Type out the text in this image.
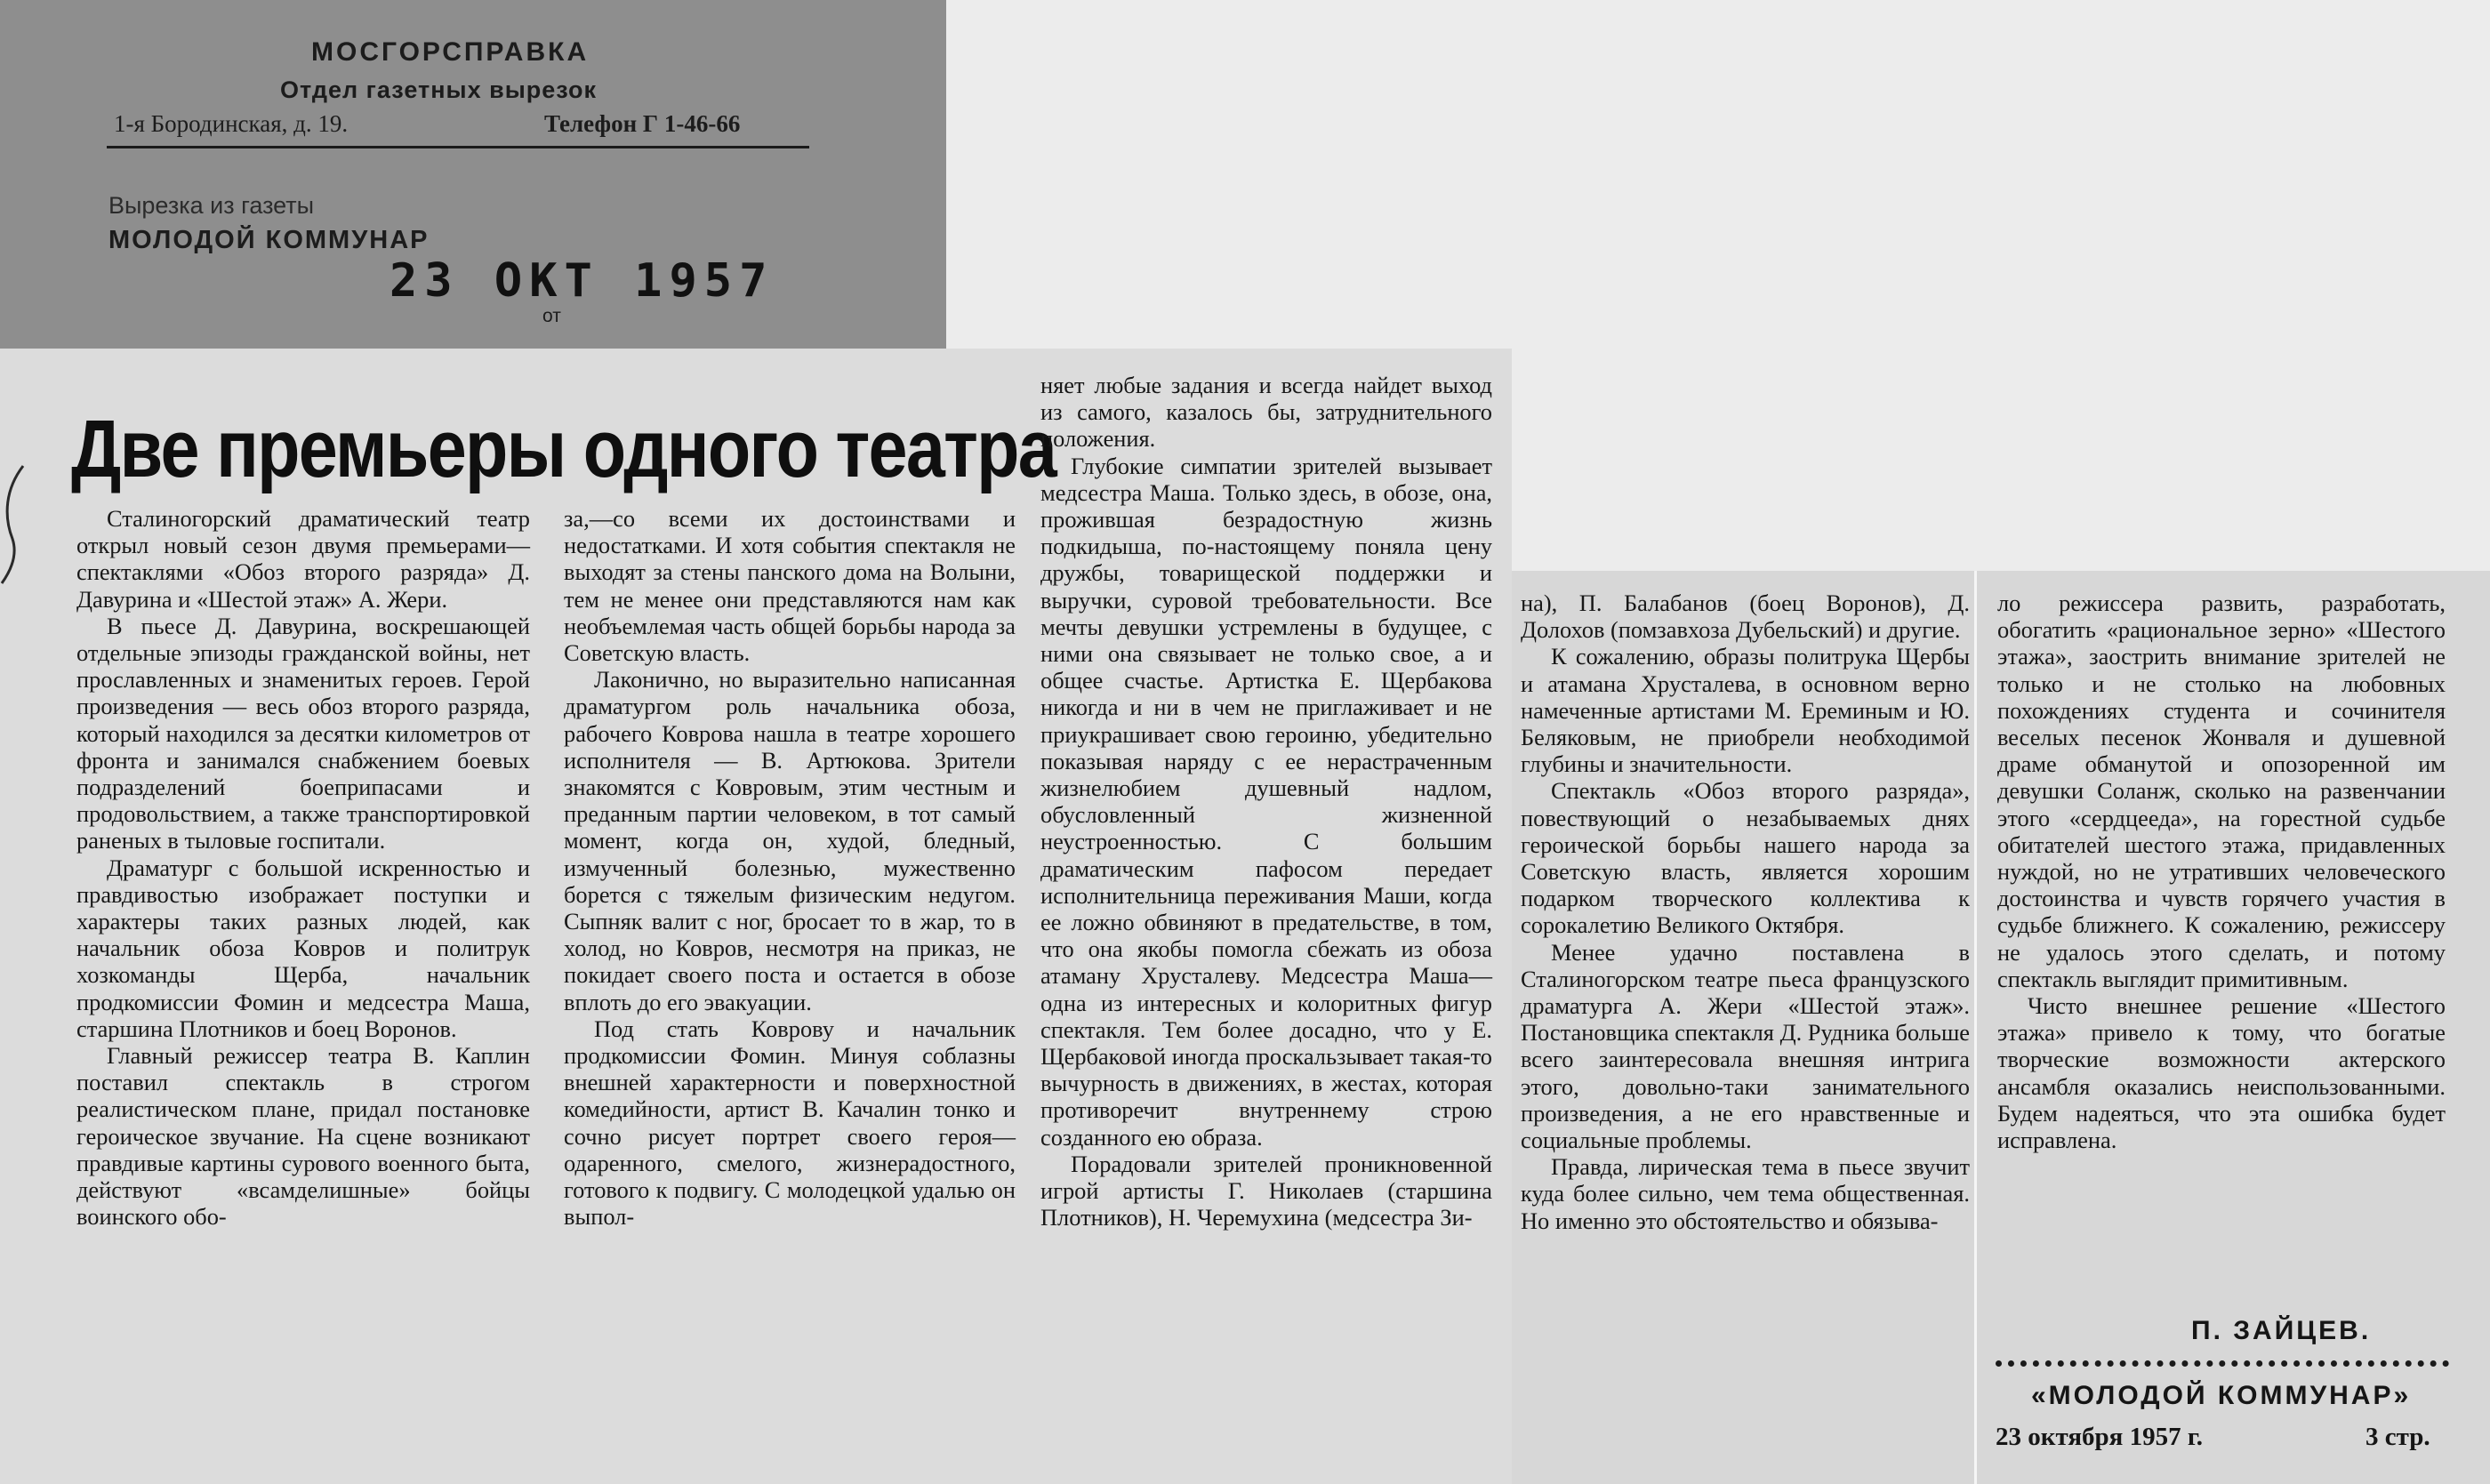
МОСГОРСПРАВКА
Отдел газетных вырезок
1-я Бородинская, д. 19.	Телефон Г 1-46-66
Вырезка из газеты
МОЛОДОЙ КОММУНАР
23 ОКТ 1957
от
Две премьеры одного театра

Сталиногорский драматический театр открыл новый сезон двумя премьерами—спектаклями «Обоз второго разряда» Д. Давурина и «Шестой этаж» А. Жери.

В пьесе Д. Давурина, воскрешающей отдельные эпизоды гражданской войны, нет прославленных и знаменитых героев. Герой произведения — весь обоз второго разряда, который находился за десятки километров от фронта и занимался снабжением боевых подразделений боеприпасами и продовольствием, а также транспортировкой раненых в тыловые госпитали.

Драматург с большой искренностью и правдивостью изображает поступки и характеры таких разных людей, как начальник обоза Ковров и политрук хозкоманды Щерба, начальник продкомиссии Фомин и медсестра Маша, старшина Плотников и боец Воронов.

Главный режиссер театра В. Каплин поставил спектакль в строгом реалистическом плане, придал постановке героическое звучание. На сцене возникают правдивые картины сурового военного быта, действуют «всамделишные» бойцы воинского обо-

за,—со всеми их достоинствами и недостатками. И хотя события спектакля не выходят за стены панского дома на Волыни, тем не менее они представляются нам как необъемлемая часть общей борьбы народа за Советскую власть.

Лаконично, но выразительно написанная драматургом роль начальника обоза, рабочего Коврова нашла в театре хорошего исполнителя — В. Артюкова. Зрители знакомятся с Ковровым, этим честным и преданным партии человеком, в тот самый момент, когда он, худой, бледный, измученный болезнью, мужественно борется с тяжелым физическим недугом. Сыпняк валит с ног, бросает то в жар, то в холод, но Ковров, несмотря на приказ, не покидает своего поста и остается в обозе вплоть до его эвакуации.

Под стать Коврову и начальник продкомиссии Фомин. Минуя соблазны внешней характерности и поверхностной комедийности, артист В. Качалин тонко и сочно рисует портрет своего героя—одаренного, смелого, жизнерадостного, готового к подвигу. С молодецкой удалью он выпол-

няет любые задания и всегда найдет выход из самого, казалось бы, затруднительного положения.

Глубокие симпатии зрителей вызывает медсестра Маша. Только здесь, в обозе, она, прожившая безрадостную жизнь подкидыша, по-настоящему поняла цену дружбы, товарищеской поддержки и выручки, суровой требовательности. Все мечты девушки устремлены в будущее, с ними она связывает не только свое, а и общее счастье. Артистка Е. Щербакова никогда и ни в чем не приглаживает и не приукрашивает свою героиню, убедительно показывая наряду с ее нерастраченным жизнелюбием душевный надлом, обусловленный жизненной неустроенностью. С большим драматическим пафосом передает исполнительница переживания Маши, когда ее ложно обвиняют в предательстве, в том, что она якобы помогла сбежать из обоза атаману Хрусталеву. Медсестра Маша—одна из интересных и колоритных фигур спектакля. Тем более досадно, что у Е. Щербаковой иногда проскальзывает такая-то вычурность в движениях, в жестах, которая противоречит внутреннему строю созданного ею образа.

Порадовали зрителей проникновенной игрой артисты Г. Николаев (старшина Плотников), Н. Черемухина (медсестра Зи-

на), П. Балабанов (боец Воронов), Д. Долохов (помзавхоза Дубельский) и другие.

К сожалению, образы политрука Щербы и атамана Хрусталева, в основном верно намеченные артистами М. Ереминым и Ю. Беляковым, не приобрели необходимой глубины и значительности.

Спектакль «Обоз второго разряда», повествующий о незабываемых днях героической борьбы нашего народа за Советскую власть, является хорошим подарком творческого коллектива к сорокалетию Великого Октября.

Менее удачно поставлена в Сталиногорском театре пьеса французского драматурга А. Жери «Шестой этаж». Постановщика спектакля Д. Рудника больше всего заинтересовала внешняя интрига этого, довольно-таки занимательного произведения, а не его нравственные и социальные проблемы.

Правда, лирическая тема в пьесе звучит куда более сильно, чем тема общественная. Но именно это обстоятельство и обязыва-

ло режиссера развить, разработать, обогатить «рациональное зерно» «Шестого этажа», заострить внимание зрителей не только и не столько на любовных похождениях студента и сочинителя веселых песенок Жонваля и душевной драме обманутой и опозоренной им девушки Соланж, сколько на развенчании этого «сердцееда», на горестной судьбе обитателей шестого этажа, придавленных нуждой, но не утративших человеческого достоинства и чувств горячего участия в судьбе ближнего. К сожалению, режиссеру не удалось этого сделать, и потому спектакль выглядит примитивным.

Чисто внешнее решение «Шестого этажа» привело к тому, что богатые творческие возможности актерского ансамбля оказались неиспользованными. Будем надеяться, что эта ошибка будет исправлена.

П. ЗАЙЦЕВ.
«МОЛОДОЙ КОММУНАР»
23 октября 1957 г.	3 стр.
